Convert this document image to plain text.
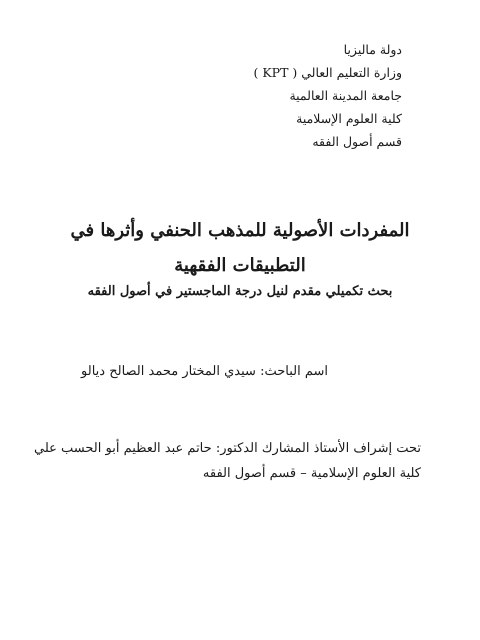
دولة ماليزيا
وزارة التعليم العالي ( KPT )
جامعة المدينة العالمية
كلية العلوم الإسلامية
قسم أصول الفقه
المفردات الأصولية للمذهب الحنفي وأثرها في
التطبيقات الفقهية
بحث تكميلي مقدم لنيل درجة الماجستير في أصول الفقه
اسم الباحث: سيدي المختار محمد الصالح ديالو
تحت إشراف الأستاذ المشارك الدكتور: حاتم عبد العظيم أبو الحسب علي
كلية العلوم الإسلامية – قسم أصول الفقه
